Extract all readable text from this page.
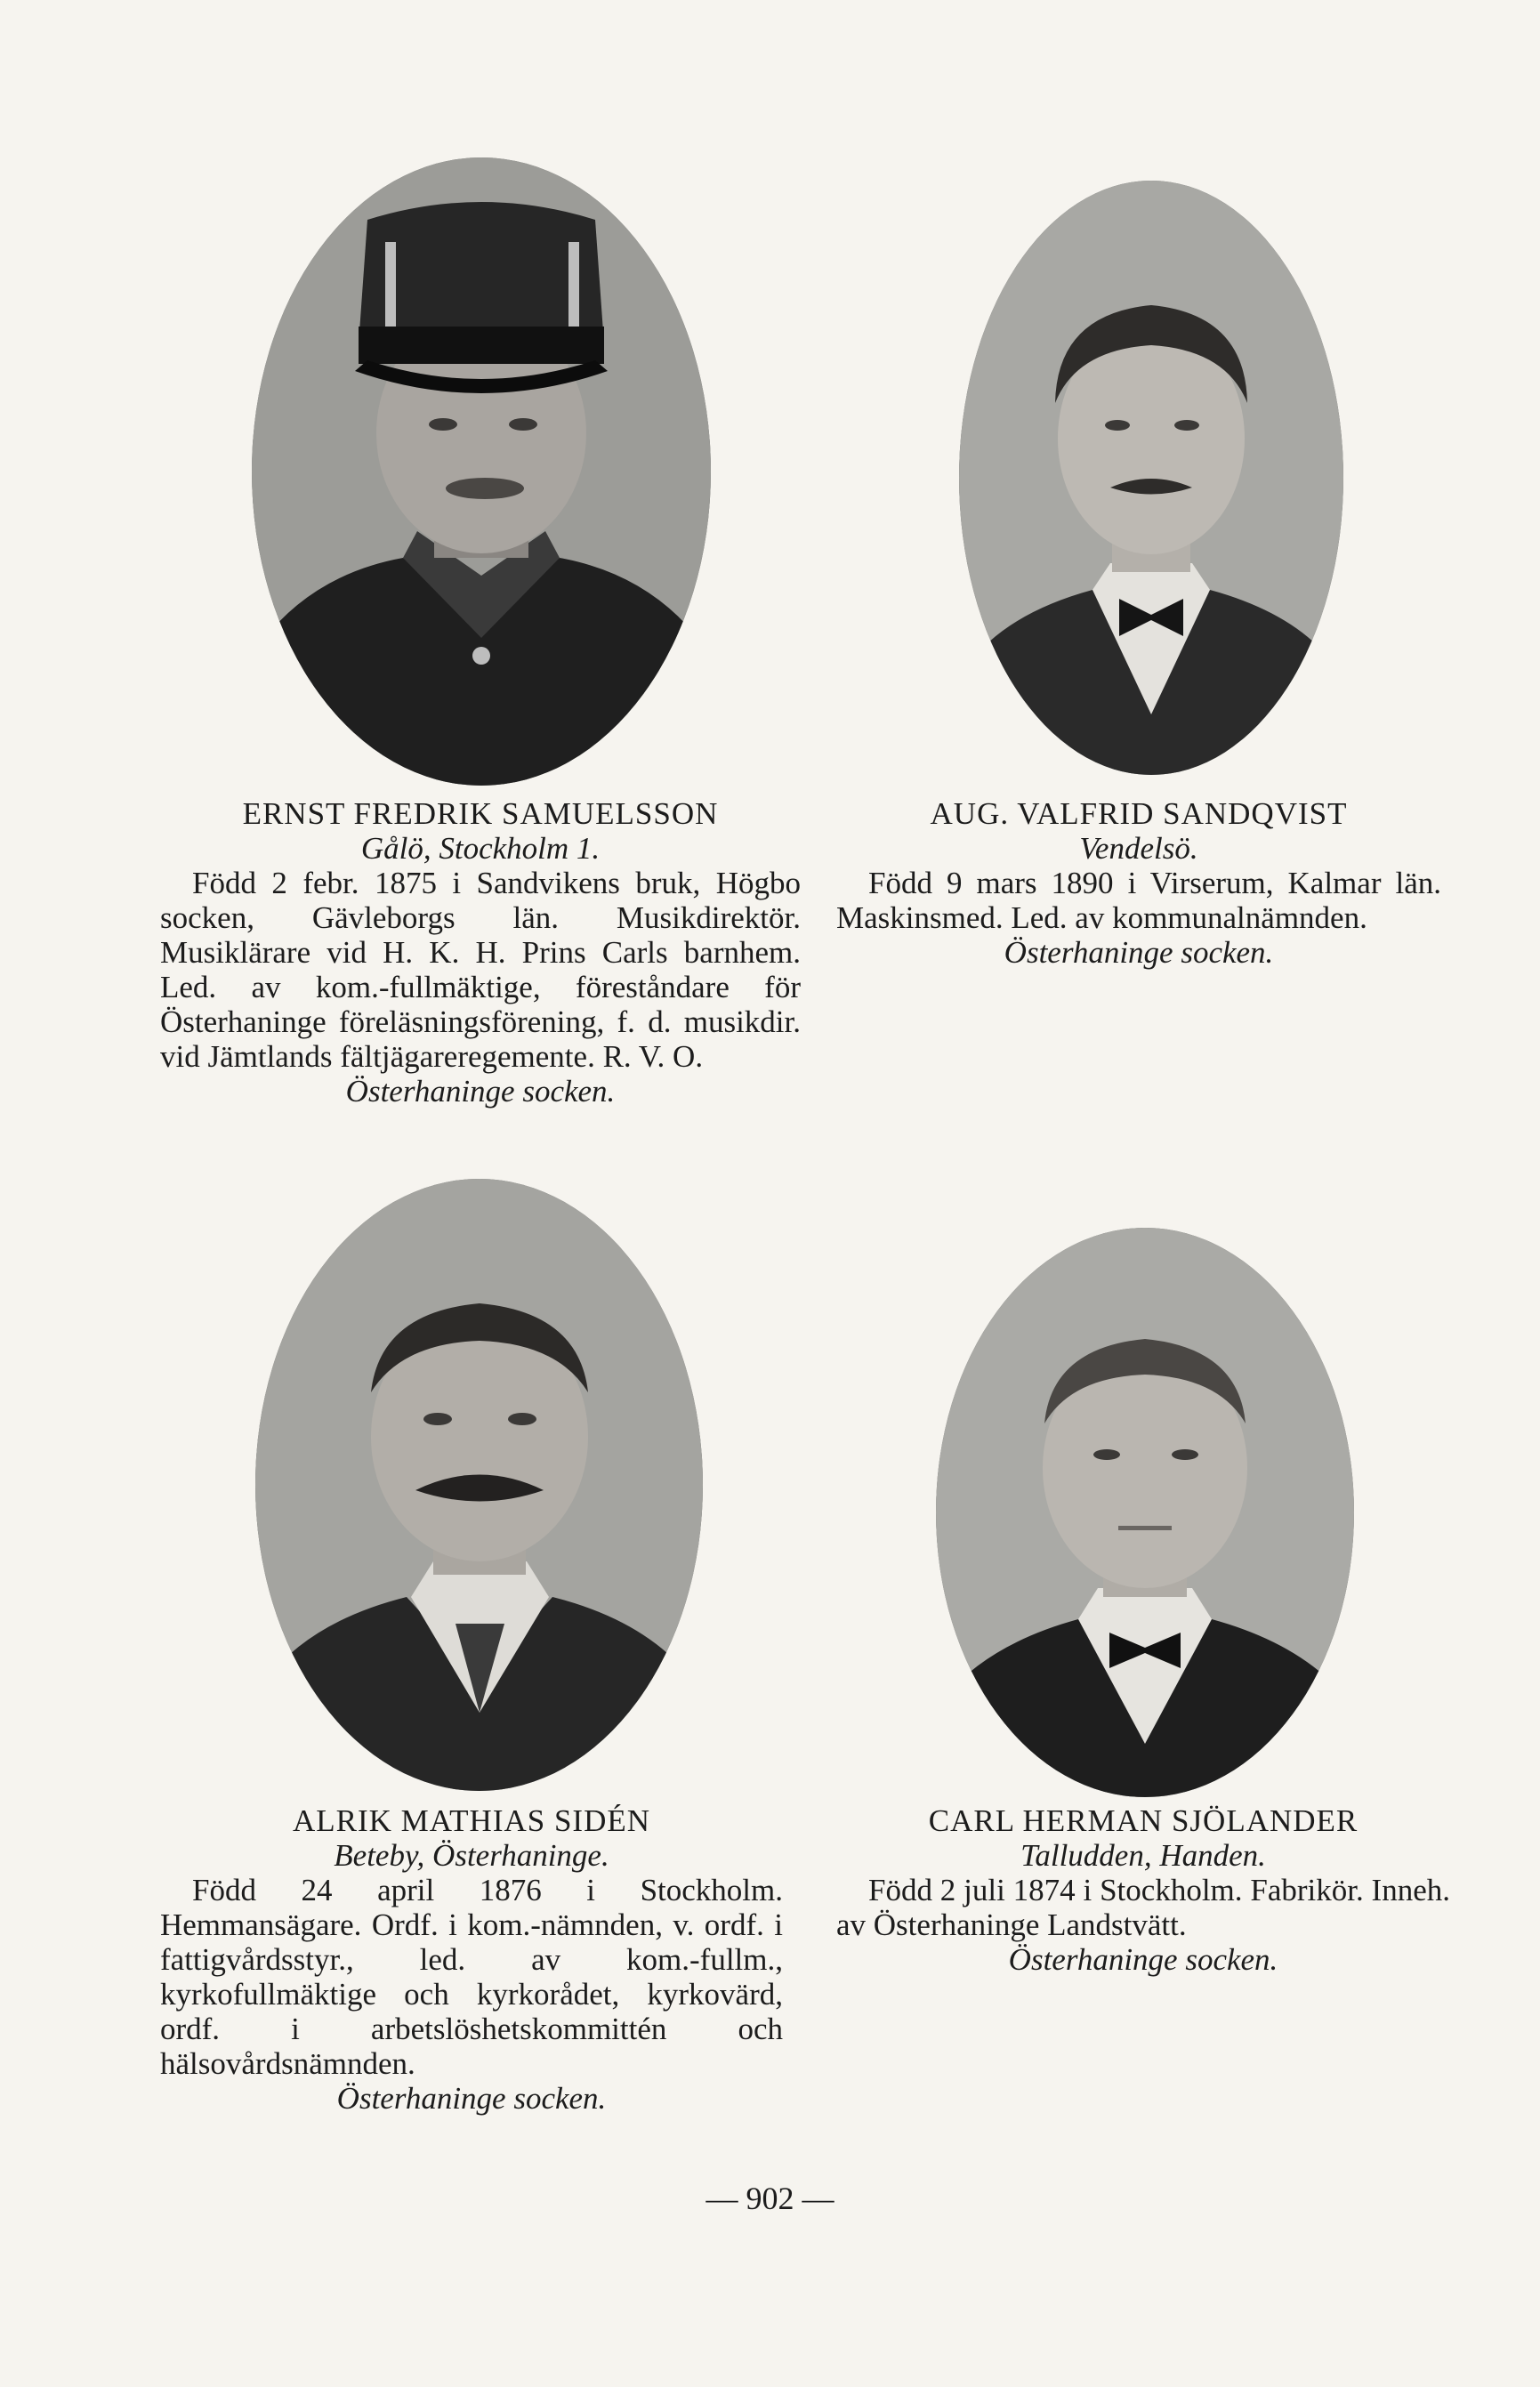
ERNST FREDRIK SAMUELSSON
Gålö, Stockholm 1.
Född 2 febr. 1875 i Sandvikens bruk, Högbo socken, Gävleborgs län. Musikdirektör. Musiklärare vid H. K. H. Prins Carls barnhem. Led. av kom.-fullmäktige, föreståndare för Österhaninge föreläsningsförening, f. d. musikdir. vid Jämtlands fältjägareregemente. R. V. O.
Österhaninge socken.
AUG. VALFRID SANDQVIST
Vendelsö.
Född 9 mars 1890 i Virserum, Kalmar län. Maskinsmed. Led. av kommunalnämnden.
Österhaninge socken.
ALRIK MATHIAS SIDÉN
Beteby, Österhaninge.
Född 24 april 1876 i Stockholm. Hemmansägare. Ordf. i kom.-nämnden, v. ordf. i fattigvårdsstyr., led. av kom.-fullm., kyrkofullmäktige och kyrkorådet, kyrkovärd, ordf. i arbetslöshetskommittén och hälsovårdsnämnden.
Österhaninge socken.
CARL HERMAN SJÖLANDER
Talludden, Handen.
Född 2 juli 1874 i Stockholm. Fabrikör. Inneh. av Österhaninge Landstvätt.
Österhaninge socken.
— 902 —
